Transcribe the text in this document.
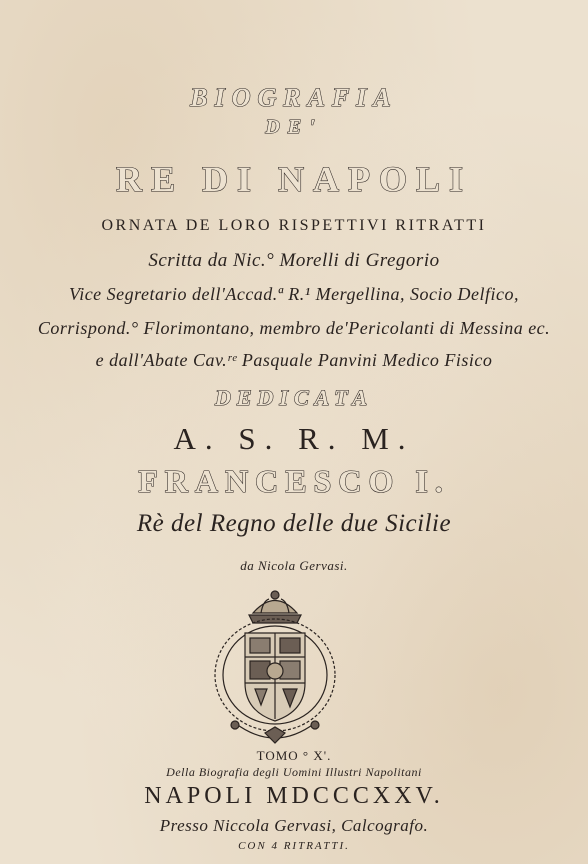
BIOGRAFIA
DE'
RE DI NAPOLI
ORNATA DE LORO RISPETTIVI RITRATTI
Scritta da Nic.° Morelli di Gregorio
Vice Segretario dell'Accad.ª R.¹ Mergellina, Socio Delfico,
Corrispond.° Florimontano, membro de'Pericolanti di Messina ec.
e dall'Abate Cav.ʳᵉ Pasquale Panvini Medico Fisico
DEDICATA
A. S. R. M.
FRANCESCO I.
Rè del Regno delle due Sicilie
da Nicola Gervasi.
TOMO ° X'.
Della Biografia degli Uomini Illustri Napolitani
NAPOLI MDCCCXXV.
Presso Niccola Gervasi, Calcografo.
CON 4 RITRATTI.
